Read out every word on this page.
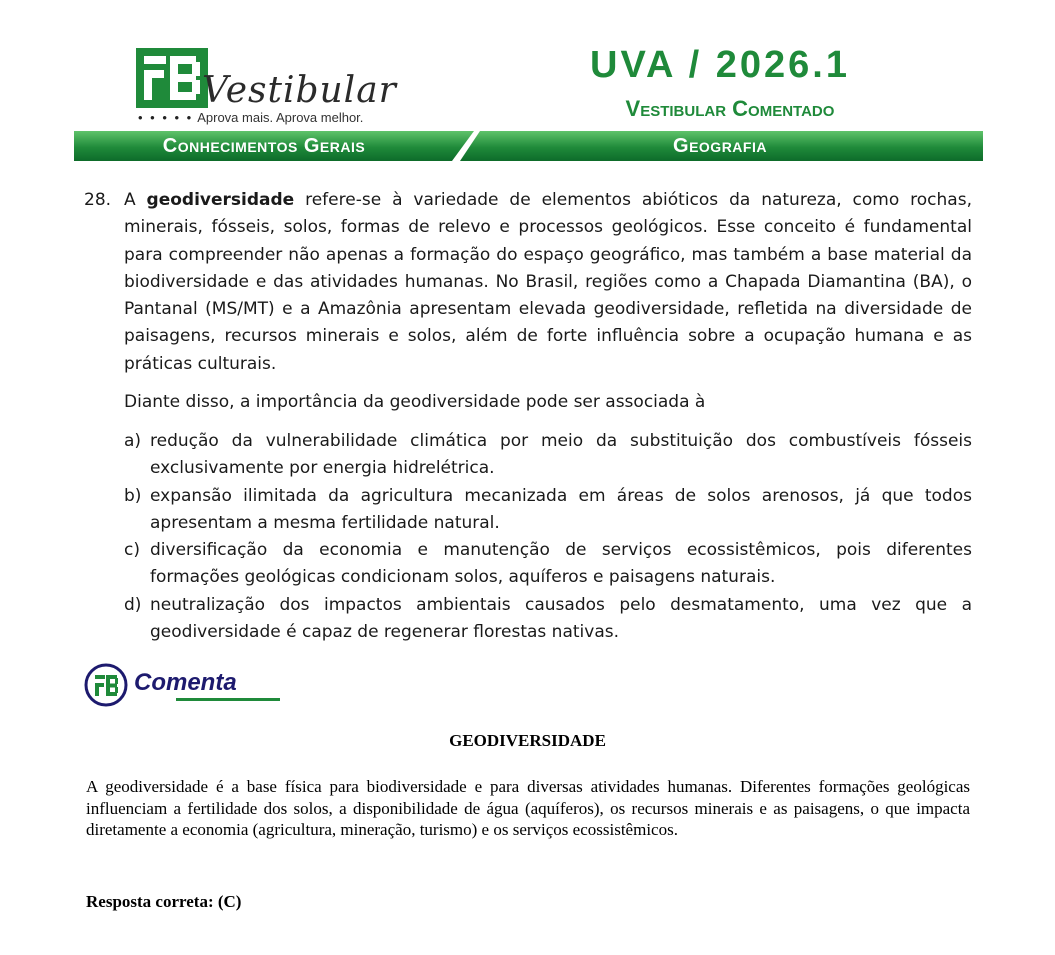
Vestibular
• • • • • Aprova mais. Aprova melhor.
UVA / 2026.1
Vestibular Comentado
Conhecimentos Gerais	Geografia
28. A geodiversidade refere-se à variedade de elementos abióticos da natureza, como rochas, minerais, fósseis, solos, formas de relevo e processos geológicos. Esse conceito é fundamental para compreender não apenas a formação do espaço geográfico, mas também a base material da biodiversidade e das atividades humanas. No Brasil, regiões como a Chapada Diamantina (BA), o Pantanal (MS/MT) e a Amazônia apresentam elevada geodiversidade, refletida na diversidade de paisagens, recursos minerais e solos, além de forte influência sobre a ocupação humana e as práticas culturais.

Diante disso, a importância da geodiversidade pode ser associada à

a) redução da vulnerabilidade climática por meio da substituição dos combustíveis fósseis exclusivamente por energia hidrelétrica.
b) expansão ilimitada da agricultura mecanizada em áreas de solos arenosos, já que todos apresentam a mesma fertilidade natural.
c) diversificação da economia e manutenção de serviços ecossistêmicos, pois diferentes formações geológicas condicionam solos, aquíferos e paisagens naturais.
d) neutralização dos impactos ambientais causados pelo desmatamento, uma vez que a geodiversidade é capaz de regenerar florestas nativas.
Comenta
GEODIVERSIDADE

A geodiversidade é a base física para biodiversidade e para diversas atividades humanas. Diferentes formações geológicas influenciam a fertilidade dos solos, a disponibilidade de água (aquíferos), os recursos minerais e as paisagens, o que impacta diretamente a economia (agricultura, mineração, turismo) e os serviços ecossistêmicos.

Resposta correta: (C)
